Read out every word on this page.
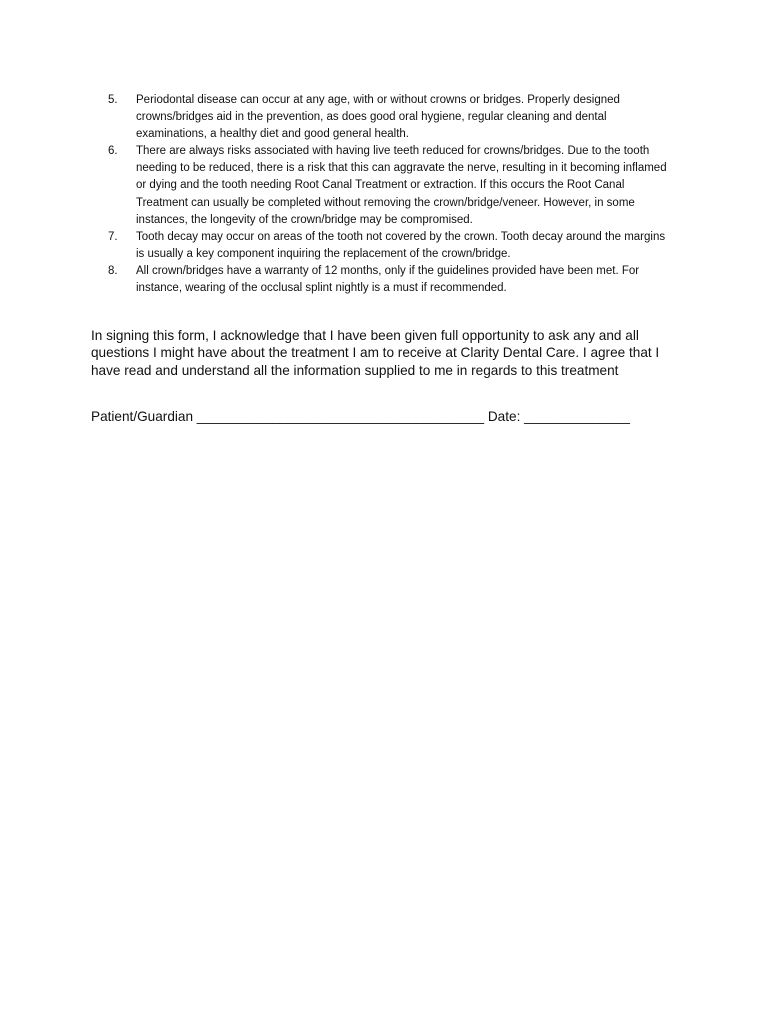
5.	Periodontal disease can occur at any age, with or without crowns or bridges. Properly designed crowns/bridges aid in the prevention, as does good oral hygiene, regular cleaning and dental examinations, a healthy diet and good general health.
6.	There are always risks associated with having live teeth reduced for crowns/bridges. Due to the tooth needing to be reduced, there is a risk that this can aggravate the nerve, resulting in it becoming inflamed or dying and the tooth needing Root Canal Treatment or extraction. If this occurs the Root Canal Treatment can usually be completed without removing the crown/bridge/veneer. However, in some instances, the longevity of the crown/bridge may be compromised.
7.	Tooth decay may occur on areas of the tooth not covered by the crown. Tooth decay around the margins is usually a key component inquiring the replacement of the crown/bridge.
8.	All crown/bridges have a warranty of 12 months, only if the guidelines provided have been met. For instance, wearing of the occlusal splint nightly is a must if recommended.

In signing this form, I acknowledge that I have been given full opportunity to ask any and all questions I might have about the treatment I am to receive at Clarity Dental Care. I agree that I have read and understand all the information supplied to me in regards to this treatment

Patient/Guardian ______________________________________ Date: ______________
